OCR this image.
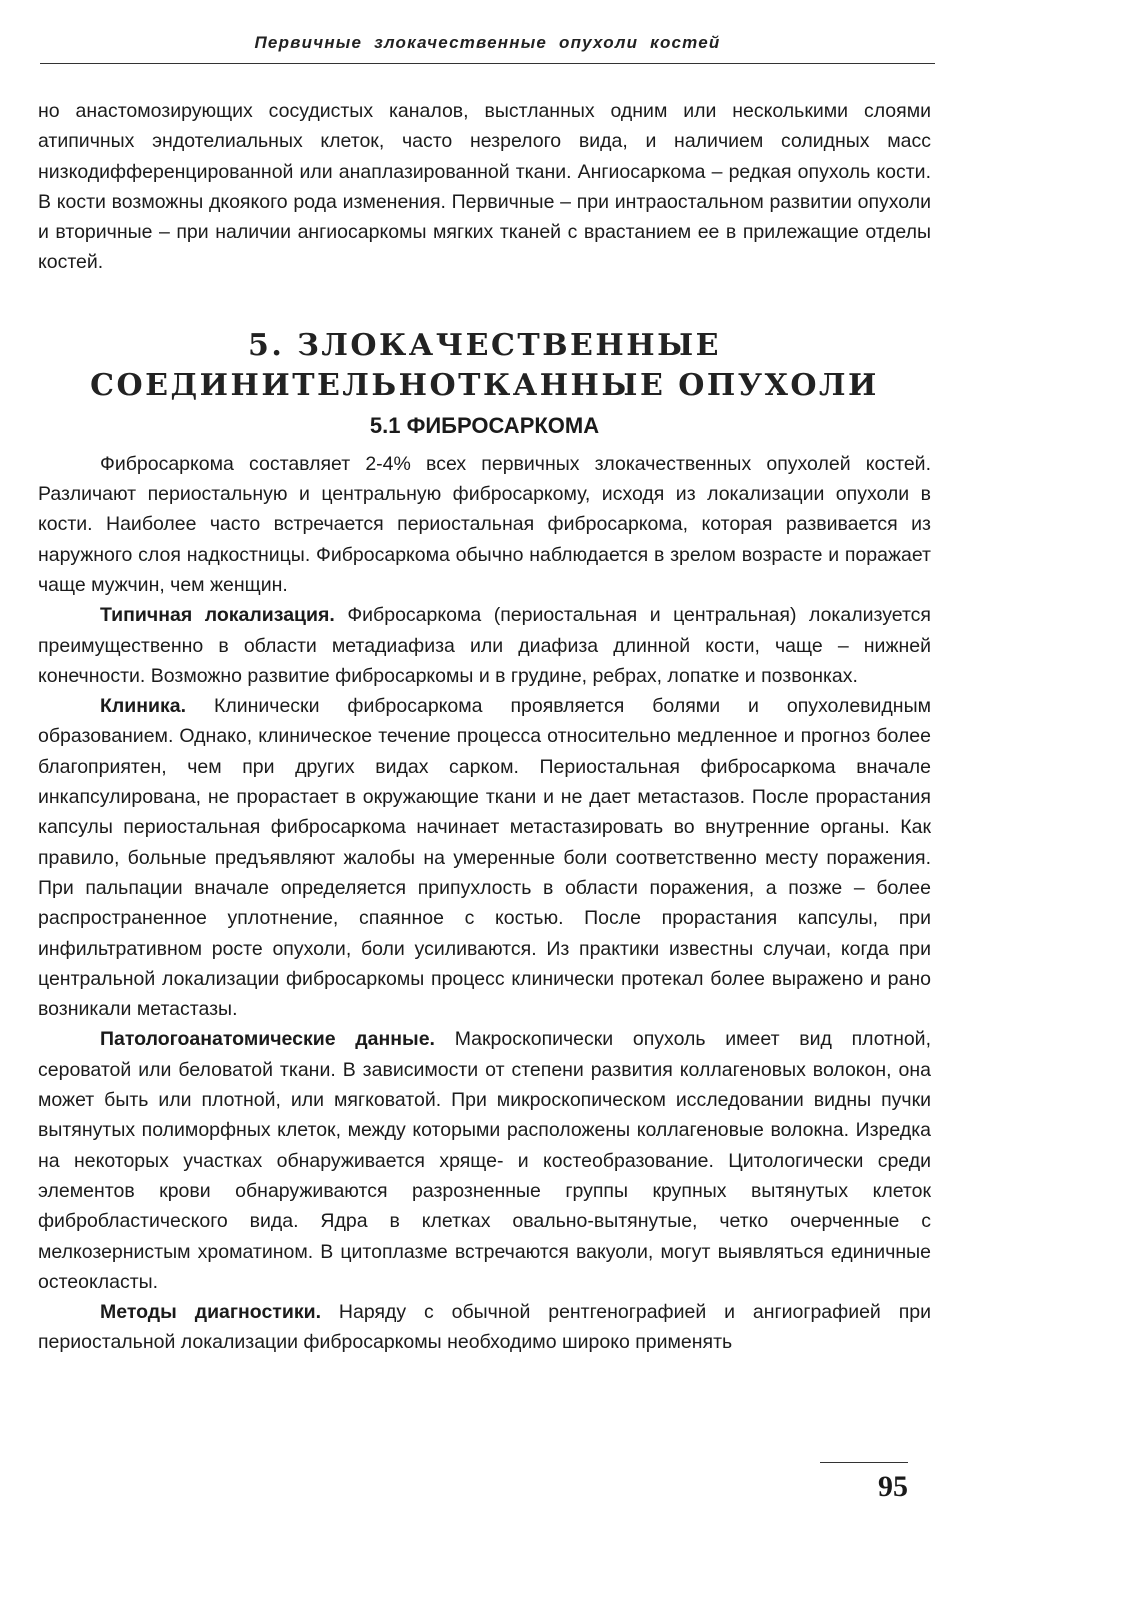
Первичные злокачественные опухоли костей

но анастомозирующих сосудистых каналов, выстланных одним или несколькими слоями атипичных эндотелиальных клеток, часто незрелого вида, и наличием солидных масс низкодифференцированной или анаплазированной ткани. Ангиосаркома – редкая опухоль кости. В кости возможны дкоякого рода изменения. Первичные – при интраостальном развитии опухоли и вторичные – при наличии ангиосаркомы мягких тканей с врастанием ее в прилежащие отделы костей.

5. ЗЛОКАЧЕСТВЕННЫЕ
СОЕДИНИТЕЛЬНОТКАННЫЕ ОПУХОЛИ
5.1 ФИБРОСАРКОМА

Фибросаркома составляет 2-4% всех первичных злокачественных опухолей костей. Различают периостальную и центральную фибросаркому, исходя из локализации опухоли в кости. Наиболее часто встречается периостальная фибросаркома, которая развивается из наружного слоя надкостницы. Фибросаркома обычно наблюдается в зрелом возрасте и поражает чаще мужчин, чем женщин.

Типичная локализация. Фибросаркома (периостальная и центральная) локализуется преимущественно в области метадиафиза или диафиза длинной кости, чаще – нижней конечности. Возможно развитие фибросаркомы и в грудине, ребрах, лопатке и позвонках.

Клиника. Клинически фибросаркома проявляется болями и опухолевидным образованием. Однако, клиническое течение процесса относительно медленное и прогноз более благоприятен, чем при других видах сарком. Периостальная фибросаркома вначале инкапсулирована, не прорастает в окружающие ткани и не дает метастазов. После прорастания капсулы периостальная фибросаркома начинает метастазировать во внутренние органы. Как правило, больные предъявляют жалобы на умеренные боли соответственно месту поражения. При пальпации вначале определяется припухлость в области поражения, а позже – более распространенное уплотнение, спаянное с костью. После прорастания капсулы, при инфильтративном росте опухоли, боли усиливаются. Из практики известны случаи, когда при центральной локализации фибросаркомы процесс клинически протекал более выражено и рано возникали метастазы.

Патологоанатомические данные. Макроскопически опухоль имеет вид плотной, сероватой или беловатой ткани. В зависимости от степени развития коллагеновых волокон, она может быть или плотной, или мягковатой. При микроскопическом исследовании видны пучки вытянутых полиморфных клеток, между которыми расположены коллагеновые волокна. Изредка на некоторых участках обнаруживается хряще- и костеобразование. Цитологически среди элементов крови обнаруживаются разрозненные группы крупных вытянутых клеток фибробластического вида. Ядра в клетках овально-вытянутые, четко очерченные с мелкозернистым хроматином. В цитоплазме встречаются вакуоли, могут выявляться единичные остеокласты.

Методы диагностики. Наряду с обычной рентгенографией и ангиографией при периостальной локализации фибросаркомы необходимо широко применять

95
